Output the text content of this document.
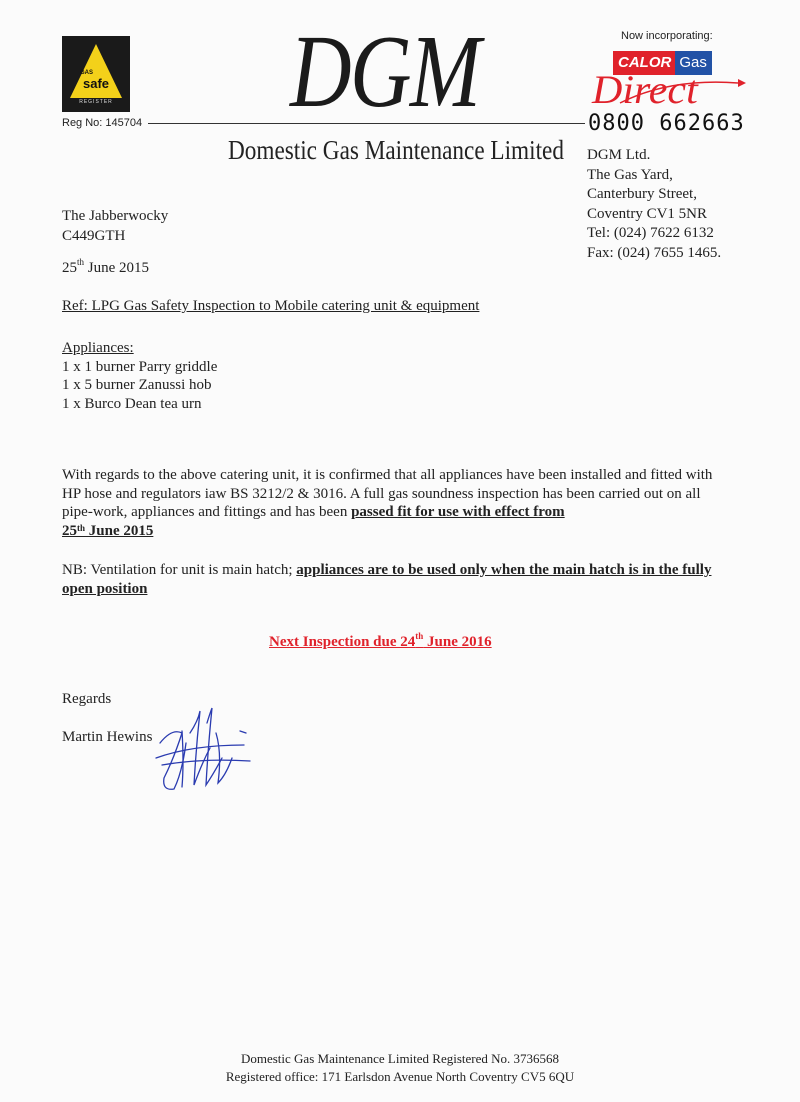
GAS
safe
REGISTER
Reg No: 145704 DGM
Domestic Gas Maintenance Limited
Now incorporating:
CALOR Gas
Direct
0800 662663
DGM Ltd.
The Gas Yard,
Canterbury Street,
Coventry CV1 5NR
Tel: (024) 7622 6132
Fax: (024) 7655 1465.
The Jabberwocky
C449GTH
25th June 2015
Ref: LPG Gas Safety Inspection to Mobile catering unit & equipment
Appliances:
1 x 1 burner Parry griddle
1 x 5 burner Zanussi hob
1 x Burco Dean tea urn
With regards to the above catering unit, it is confirmed that all appliances have been installed and fitted with HP hose and regulators iaw BS 3212/2 & 3016. A full gas soundness inspection has been carried out on all pipe-work, appliances and fittings and has been passed fit for use with effect from
25th June 2015
NB: Ventilation for unit is main hatch; appliances are to be used only when the main hatch is in the fully open position
Next Inspection due 24th June 2016
Regards
Martin Hewins
Domestic Gas Maintenance Limited Registered No. 3736568
Registered office: 171 Earlsdon Avenue North Coventry CV5 6QU
